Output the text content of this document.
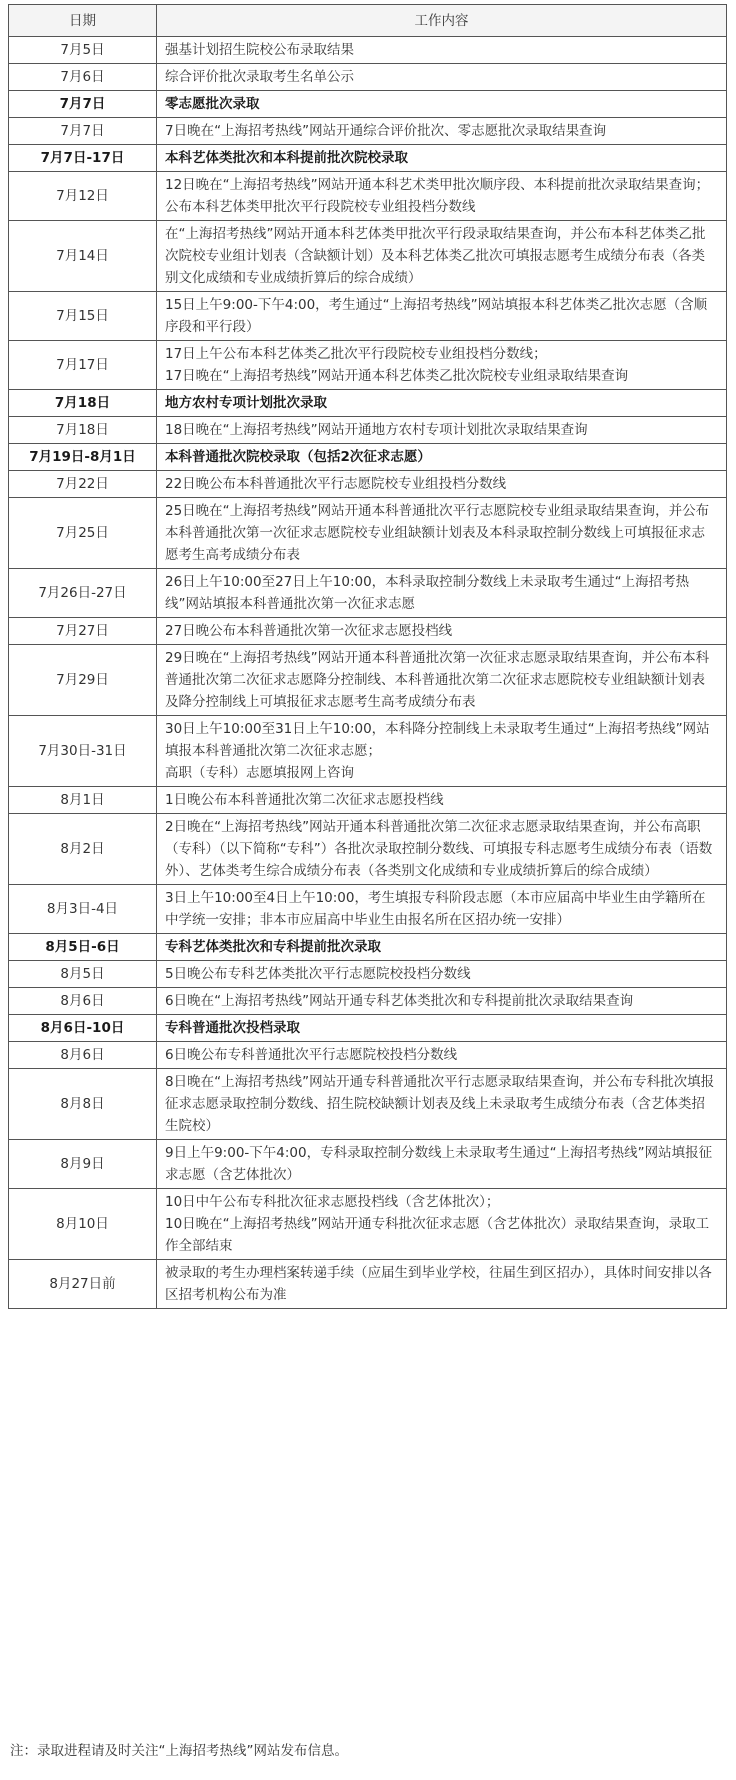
日期	工作内容
7月5日	强基计划招生院校公布录取结果
7月6日	综合评价批次录取考生名单公示
7月7日	零志愿批次录取
7月7日	7日晚在“上海招考热线”网站开通综合评价批次、零志愿批次录取结果查询
7月7日-17日	本科艺体类批次和本科提前批次院校录取
7月12日	12日晚在“上海招考热线”网站开通本科艺术类甲批次顺序段、本科提前批次录取结果查询；
公布本科艺体类甲批次平行段院校专业组投档分数线
7月14日	在“上海招考热线”网站开通本科艺体类甲批次平行段录取结果查询，并公布本科艺体类乙批次院校专业组计划表（含缺额计划）及本科艺体类乙批次可填报志愿考生成绩分布表（各类别文化成绩和专业成绩折算后的综合成绩）
7月15日	15日上午9:00-下午4:00，考生通过“上海招考热线”网站填报本科艺体类乙批次志愿（含顺序段和平行段）
7月17日	17日上午公布本科艺体类乙批次平行段院校专业组投档分数线；
17日晚在“上海招考热线”网站开通本科艺体类乙批次院校专业组录取结果查询
7月18日	地方农村专项计划批次录取
7月18日	18日晚在“上海招考热线”网站开通地方农村专项计划批次录取结果查询
7月19日-8月1日	本科普通批次院校录取（包括2次征求志愿）
7月22日	22日晚公布本科普通批次平行志愿院校专业组投档分数线
7月25日	25日晚在“上海招考热线”网站开通本科普通批次平行志愿院校专业组录取结果查询，并公布本科普通批次第一次征求志愿院校专业组缺额计划表及本科录取控制分数线上可填报征求志愿考生高考成绩分布表
7月26日-27日	26日上午10:00至27日上午10:00，本科录取控制分数线上未录取考生通过“上海招考热线”网站填报本科普通批次第一次征求志愿
7月27日	27日晚公布本科普通批次第一次征求志愿投档线
7月29日	29日晚在“上海招考热线”网站开通本科普通批次第一次征求志愿录取结果查询，并公布本科普通批次第二次征求志愿降分控制线、本科普通批次第二次征求志愿院校专业组缺额计划表及降分控制线上可填报征求志愿考生高考成绩分布表
7月30日-31日	30日上午10:00至31日上午10:00，本科降分控制线上未录取考生通过“上海招考热线”网站填报本科普通批次第二次征求志愿；
高职（专科）志愿填报网上咨询
8月1日	1日晚公布本科普通批次第二次征求志愿投档线
8月2日	2日晚在“上海招考热线”网站开通本科普通批次第二次征求志愿录取结果查询，并公布高职（专科）（以下简称“专科”）各批次录取控制分数线、可填报专科志愿考生成绩分布表（语数外）、艺体类考生综合成绩分布表（各类别文化成绩和专业成绩折算后的综合成绩）
8月3日-4日	3日上午10:00至4日上午10:00，考生填报专科阶段志愿（本市应届高中毕业生由学籍所在中学统一安排；非本市应届高中毕业生由报名所在区招办统一安排）
8月5日-6日	专科艺体类批次和专科提前批次录取
8月5日	5日晚公布专科艺体类批次平行志愿院校投档分数线
8月6日	6日晚在“上海招考热线”网站开通专科艺体类批次和专科提前批次录取结果查询
8月6日-10日	专科普通批次投档录取
8月6日	6日晚公布专科普通批次平行志愿院校投档分数线
8月8日	8日晚在“上海招考热线”网站开通专科普通批次平行志愿录取结果查询，并公布专科批次填报征求志愿录取控制分数线、招生院校缺额计划表及线上未录取考生成绩分布表（含艺体类招生院校）
8月9日	9日上午9:00-下午4:00，专科录取控制分数线上未录取考生通过“上海招考热线”网站填报征求志愿（含艺体批次）
8月10日	10日中午公布专科批次征求志愿投档线（含艺体批次）；
10日晚在“上海招考热线”网站开通专科批次征求志愿（含艺体批次）录取结果查询，录取工作全部结束
8月27日前	被录取的考生办理档案转递手续（应届生到毕业学校，往届生到区招办），具体时间安排以各区招考机构公布为准
注：录取进程请及时关注“上海招考热线”网站发布信息。
